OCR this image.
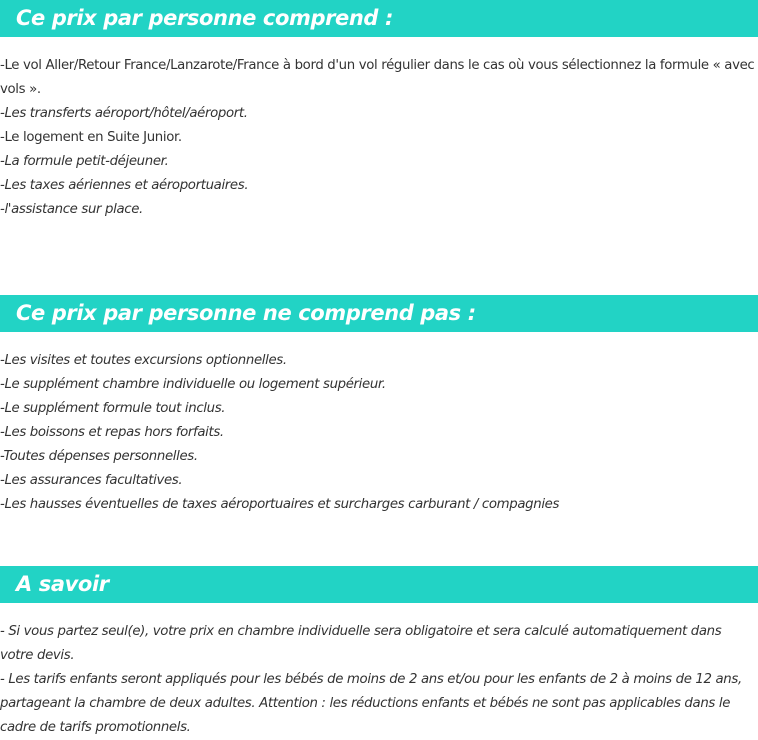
Ce prix par personne comprend :
-Le vol Aller/Retour France/Lanzarote/France à bord d'un vol régulier dans le cas où vous sélectionnez la formule « avec vols ».
-Les transferts aéroport/hôtel/aéroport.
-Le logement en Suite Junior.
-La formule petit-déjeuner.
-Les taxes aériennes et aéroportuaires.
-l'assistance sur place.
Ce prix par personne ne comprend pas :
-Les visites et toutes excursions optionnelles.
-Le supplément chambre individuelle ou logement supérieur.
-Le supplément formule tout inclus.
-Les boissons et repas hors forfaits.
-Toutes dépenses personnelles.
-Les assurances facultatives.
-Les hausses éventuelles de taxes aéroportuaires et surcharges carburant / compagnies
A savoir
- Si vous partez seul(e), votre prix en chambre individuelle sera obligatoire et sera calculé automatiquement dans votre devis.
- Les tarifs enfants seront appliqués pour les bébés de moins de 2 ans et/ou pour les enfants de 2 à moins de 12 ans, partageant la chambre de deux adultes. Attention : les réductions enfants et bébés ne sont pas applicables dans le cadre de tarifs promotionnels.
